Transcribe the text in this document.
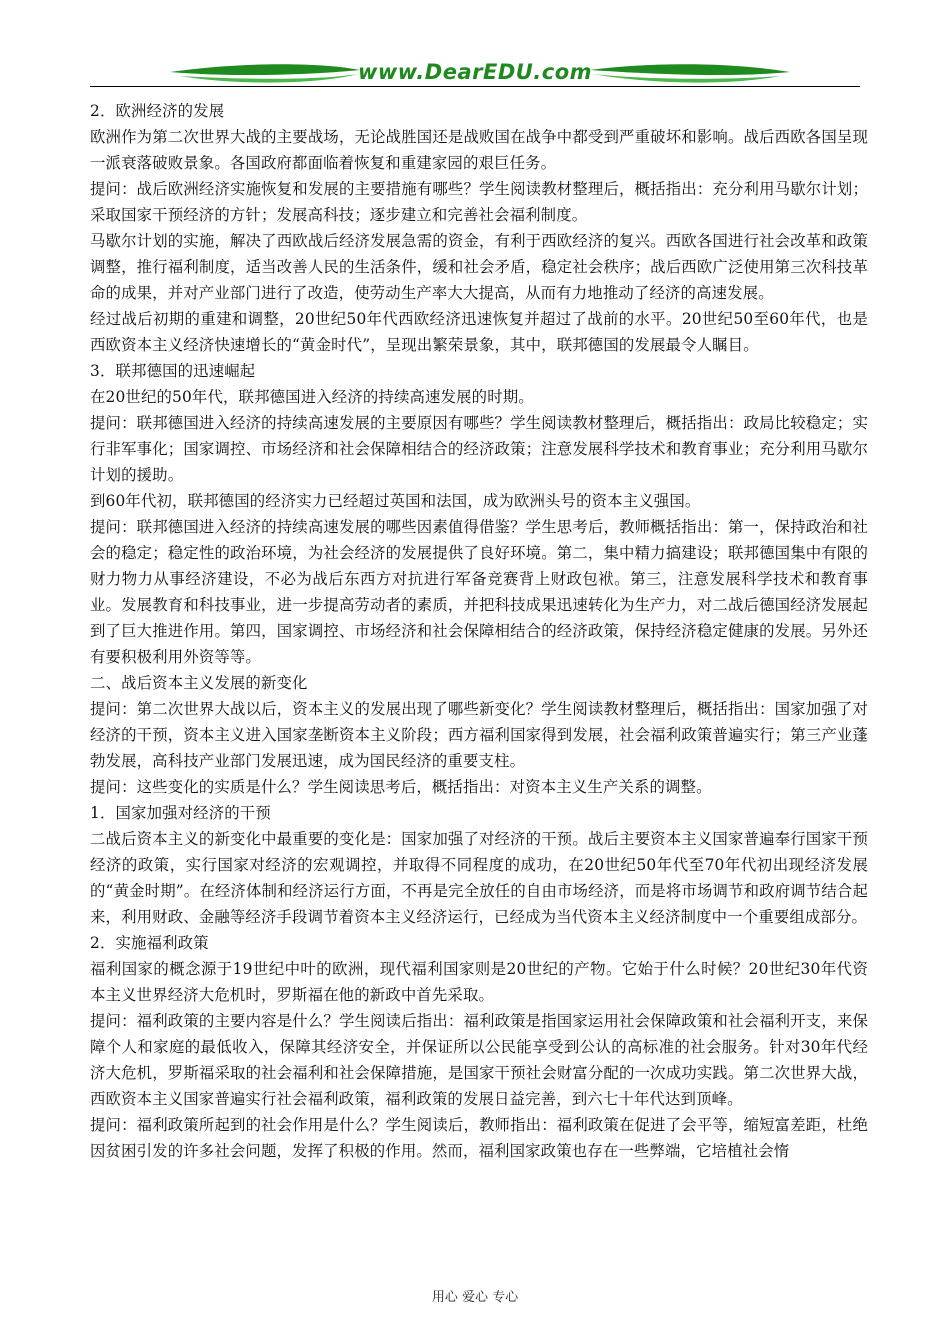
www.DearEDU.com

2．欧洲经济的发展

欧洲作为第二次世界大战的主要战场，无论战胜国还是战败国在战争中都受到严重破坏和影响。战后西欧各国呈现一派衰落破败景象。各国政府都面临着恢复和重建家园的艰巨任务。

提问：战后欧洲经济实施恢复和发展的主要措施有哪些？学生阅读教材整理后，概括指出：充分利用马歇尔计划；采取国家干预经济的方针；发展高科技；逐步建立和完善社会福利制度。

马歇尔计划的实施，解决了西欧战后经济发展急需的资金，有利于西欧经济的复兴。西欧各国进行社会改革和政策调整，推行福利制度，适当改善人民的生活条件，缓和社会矛盾，稳定社会秩序；战后西欧广泛使用第三次科技革命的成果，并对产业部门进行了改造，使劳动生产率大大提高，从而有力地推动了经济的高速发展。

经过战后初期的重建和调整，20世纪50年代西欧经济迅速恢复并超过了战前的水平。20世纪50至60年代，也是西欧资本主义经济快速增长的“黄金时代”，呈现出繁荣景象，其中，联邦德国的发展最令人瞩目。

3．联邦德国的迅速崛起

在20世纪的50年代，联邦德国进入经济的持续高速发展的时期。

提问：联邦德国进入经济的持续高速发展的主要原因有哪些？学生阅读教材整理后，概括指出：政局比较稳定；实行非军事化；国家调控、市场经济和社会保障相结合的经济政策；注意发展科学技术和教育事业；充分利用马歇尔计划的援助。

到60年代初，联邦德国的经济实力已经超过英国和法国，成为欧洲头号的资本主义强国。

提问：联邦德国进入经济的持续高速发展的哪些因素值得借鉴？学生思考后，教师概括指出：第一，保持政治和社会的稳定；稳定性的政治环境，为社会经济的发展提供了良好环境。第二，集中精力搞建设；联邦德国集中有限的财力物力从事经济建设，不必为战后东西方对抗进行军备竞赛背上财政包袱。第三，注意发展科学技术和教育事业。发展教育和科技事业，进一步提高劳动者的素质，并把科技成果迅速转化为生产力，对二战后德国经济发展起到了巨大推进作用。第四，国家调控、市场经济和社会保障相结合的经济政策，保持经济稳定健康的发展。另外还有要积极利用外资等等。

二、战后资本主义发展的新变化

提问：第二次世界大战以后，资本主义的发展出现了哪些新变化？学生阅读教材整理后，概括指出：国家加强了对经济的干预，资本主义进入国家垄断资本主义阶段；西方福利国家得到发展，社会福利政策普遍实行；第三产业蓬勃发展，高科技产业部门发展迅速，成为国民经济的重要支柱。

提问：这些变化的实质是什么？学生阅读思考后，概括指出：对资本主义生产关系的调整。

1．国家加强对经济的干预

二战后资本主义的新变化中最重要的变化是：国家加强了对经济的干预。战后主要资本主义国家普遍奉行国家干预经济的政策，实行国家对经济的宏观调控，并取得不同程度的成功，在20世纪50年代至70年代初出现经济发展的“黄金时期”。在经济体制和经济运行方面，不再是完全放任的自由市场经济，而是将市场调节和政府调节结合起来，利用财政、金融等经济手段调节着资本主义经济运行，已经成为当代资本主义经济制度中一个重要组成部分。

2．实施福利政策

福利国家的概念源于19世纪中叶的欧洲，现代福利国家则是20世纪的产物。它始于什么时候？20世纪30年代资本主义世界经济大危机时，罗斯福在他的新政中首先采取。

提问：福利政策的主要内容是什么？学生阅读后指出：福利政策是指国家运用社会保障政策和社会福利开支，来保障个人和家庭的最低收入，保障其经济安全，并保证所以公民能享受到公认的高标准的社会服务。针对30年代经济大危机，罗斯福采取的社会福利和社会保障措施，是国家干预社会财富分配的一次成功实践。第二次世界大战，西欧资本主义国家普遍实行社会福利政策，福利政策的发展日益完善，到六七十年代达到顶峰。

提问：福利政策所起到的社会作用是什么？学生阅读后，教师指出：福利政策在促进了会平等，缩短富差距，杜绝因贫困引发的许多社会问题，发挥了积极的作用。然而，福利国家政策也存在一些弊端，它培植社会惰

用心 爱心 专心
